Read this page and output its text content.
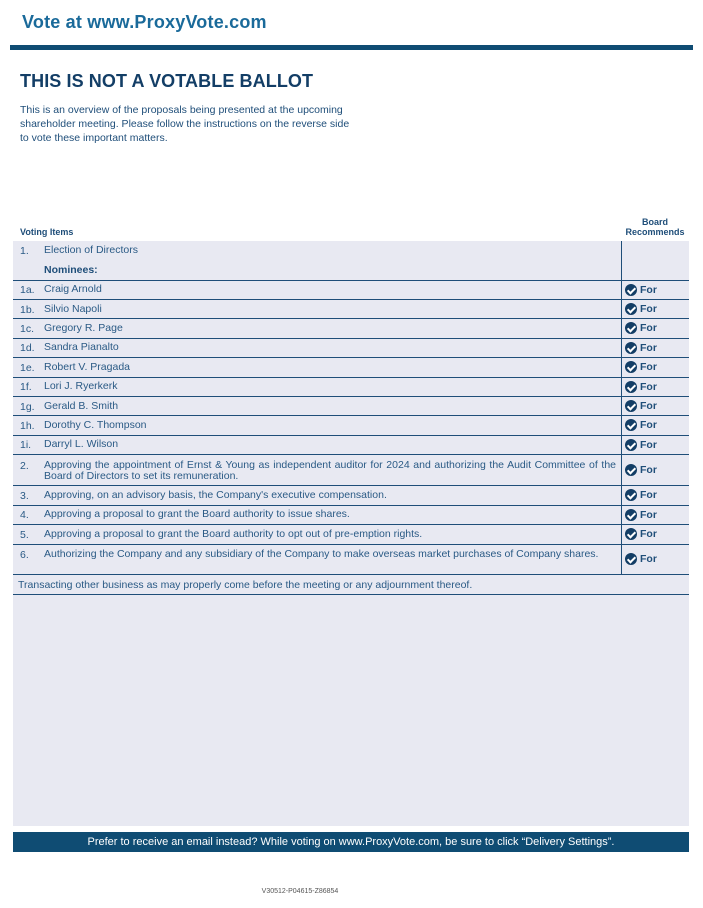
Vote at www.ProxyVote.com
THIS IS NOT A VOTABLE BALLOT
This is an overview of the proposals being presented at the upcoming shareholder meeting. Please follow the instructions on the reverse side to vote these important matters.
Voting Items
Board
Recommends
1. Election of Directors
Nominees:
1a. Craig Arnold	For
1b. Silvio Napoli	For
1c. Gregory R. Page	For
1d. Sandra Pianalto	For
1e. Robert V. Pragada	For
1f. Lori J. Ryerkerk	For
1g. Gerald B. Smith	For
1h. Dorothy C. Thompson	For
1i. Darryl L. Wilson	For
2. Approving the appointment of Ernst & Young as independent auditor for 2024 and authorizing the Audit Committee of the Board of Directors to set its remuneration.	For
3. Approving, on an advisory basis, the Company's executive compensation.	For
4. Approving a proposal to grant the Board authority to issue shares.	For
5. Approving a proposal to grant the Board authority to opt out of pre-emption rights.	For
6. Authorizing the Company and any subsidiary of the Company to make overseas market purchases of Company shares.	For
Transacting other business as may properly come before the meeting or any adjournment thereof.
Prefer to receive an email instead? While voting on www.ProxyVote.com, be sure to click “Delivery Settings”.
V30512-P04615-Z86854
